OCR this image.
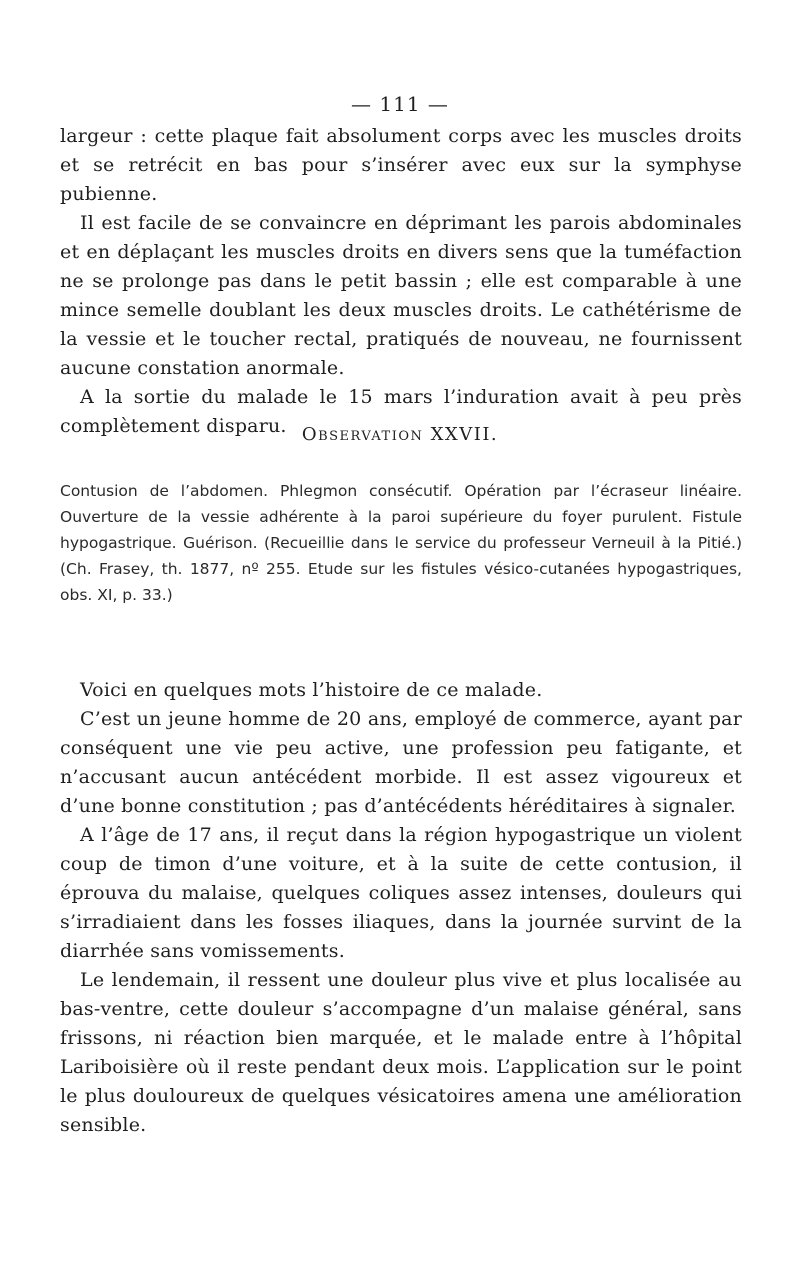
— 111 —

largeur : cette plaque fait absolument corps avec les muscles droits et se retrécit en bas pour s’insérer avec eux sur la symphyse pubienne.

Il est facile de se convaincre en déprimant les parois abdominales et en déplaçant les muscles droits en divers sens que la tuméfaction ne se prolonge pas dans le petit bassin ; elle est comparable à une mince semelle doublant les deux muscles droits. Le cathétérisme de la vessie et le toucher rectal, pratiqués de nouveau, ne fournissent aucune constation anormale.

A la sortie du malade le 15 mars l’induration avait à peu près complètement disparu. Observation XXVII.
Contusion de l’abdomen. Phlegmon consécutif. Opération par l’écraseur linéaire. Ouverture de la vessie adhérente à la paroi supérieure du foyer purulent. Fistule hypogastrique. Guérison. (Recueillie dans le service du professeur Verneuil à la Pitié.) (Ch. Frasey, th. 1877, nº 255. Etude sur les fistules vésico-cutanées hypogastriques, obs. XI, p. 33.)

Voici en quelques mots l’histoire de ce malade.

C’est un jeune homme de 20 ans, employé de commerce, ayant par conséquent une vie peu active, une profession peu fatigante, et n’accusant aucun antécédent morbide. Il est assez vigoureux et d’une bonne constitution ; pas d’antécédents héréditaires à signaler.

A l’âge de 17 ans, il reçut dans la région hypogastrique un violent coup de timon d’une voiture, et à la suite de cette contusion, il éprouva du malaise, quelques coliques assez intenses, douleurs qui s’irradiaient dans les fosses iliaques, dans la journée survint de la diarrhée sans vomissements.

Le lendemain, il ressent une douleur plus vive et plus localisée au bas-ventre, cette douleur s’accompagne d’un malaise général, sans frissons, ni réaction bien marquée, et le malade entre à l’hôpital Lariboisière où il reste pendant deux mois. L’application sur le point le plus douloureux de quelques vésicatoires amena une amélioration sensible.
